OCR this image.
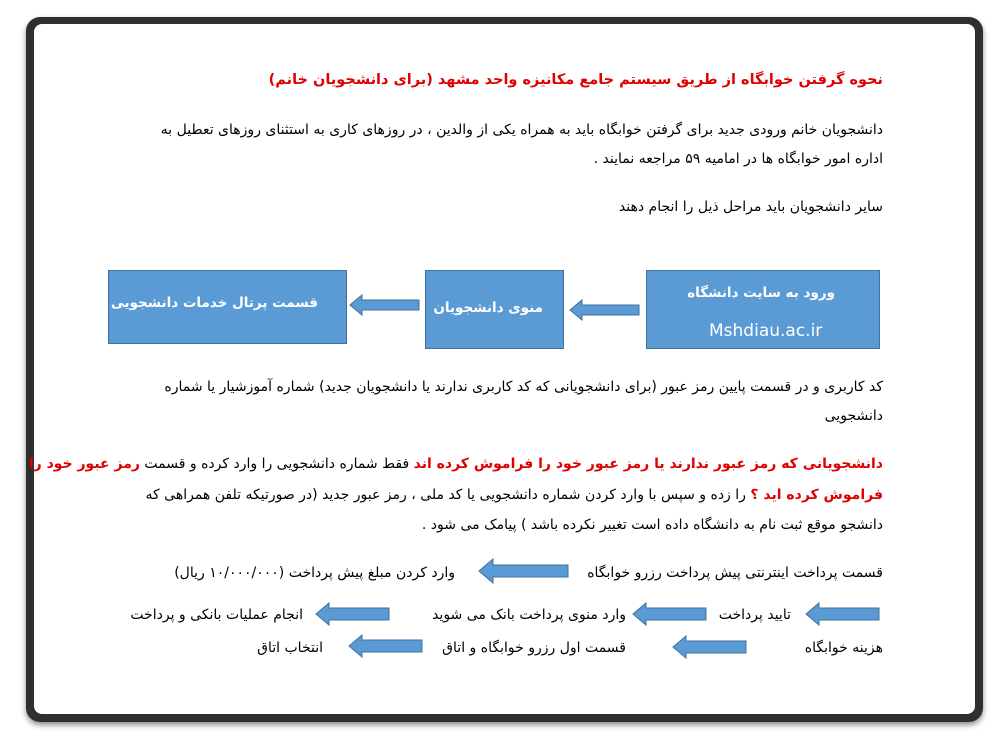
نحوه گرفتن خوابگاه از طریق سیستم جامع مکانیزه واحد مشهد (برای دانشجویان خانم)
دانشجویان خانم ورودی جدید برای گرفتن خوابگاه باید به همراه یکی از والدین ، در روزهای کاری به استثنای روزهای تعطیل به
اداره امور خوابگاه ها در امامیه ۵۹ مراجعه نمایند .
سایر دانشجویان باید مراحل ذیل را انجام دهند
ورود به سایت دانشگاه
Mshdiau.ac.ir
منوی دانشجویان
قسمت پرتال خدمات دانشجویی
کد کاربری و در قسمت پایین رمز عبور (برای دانشجویانی که کد کاربری ندارند یا دانشجویان جدید) شماره آموزشیار یا شماره
دانشجویی
دانشجویانی که رمز عبور ندارند یا رمز عبور خود را فراموش کرده اند فقط شماره دانشجویی را وارد کرده و قسمت رمز عبور خود را
فراموش کرده اید ؟ را زده و سپس با وارد کردن شماره دانشجویی یا کد ملی ، رمز عبور جدید (در صورتیکه تلفن همراهی که
دانشجو موقع ثبت نام به دانشگاه داده است تغییر نکرده باشد ) پیامک می شود .
قسمت پرداخت اینترنتی پیش پرداخت رزرو خوابگاه
وارد کردن مبلغ پیش پرداخت (۱۰/۰۰۰/۰۰۰ ریال)
تایید پرداخت
وارد منوی پرداخت بانک می شوید
انجام عملیات بانکی و پرداخت
هزینه خوابگاه
قسمت اول رزرو خوابگاه و اتاق
انتخاب اتاق
